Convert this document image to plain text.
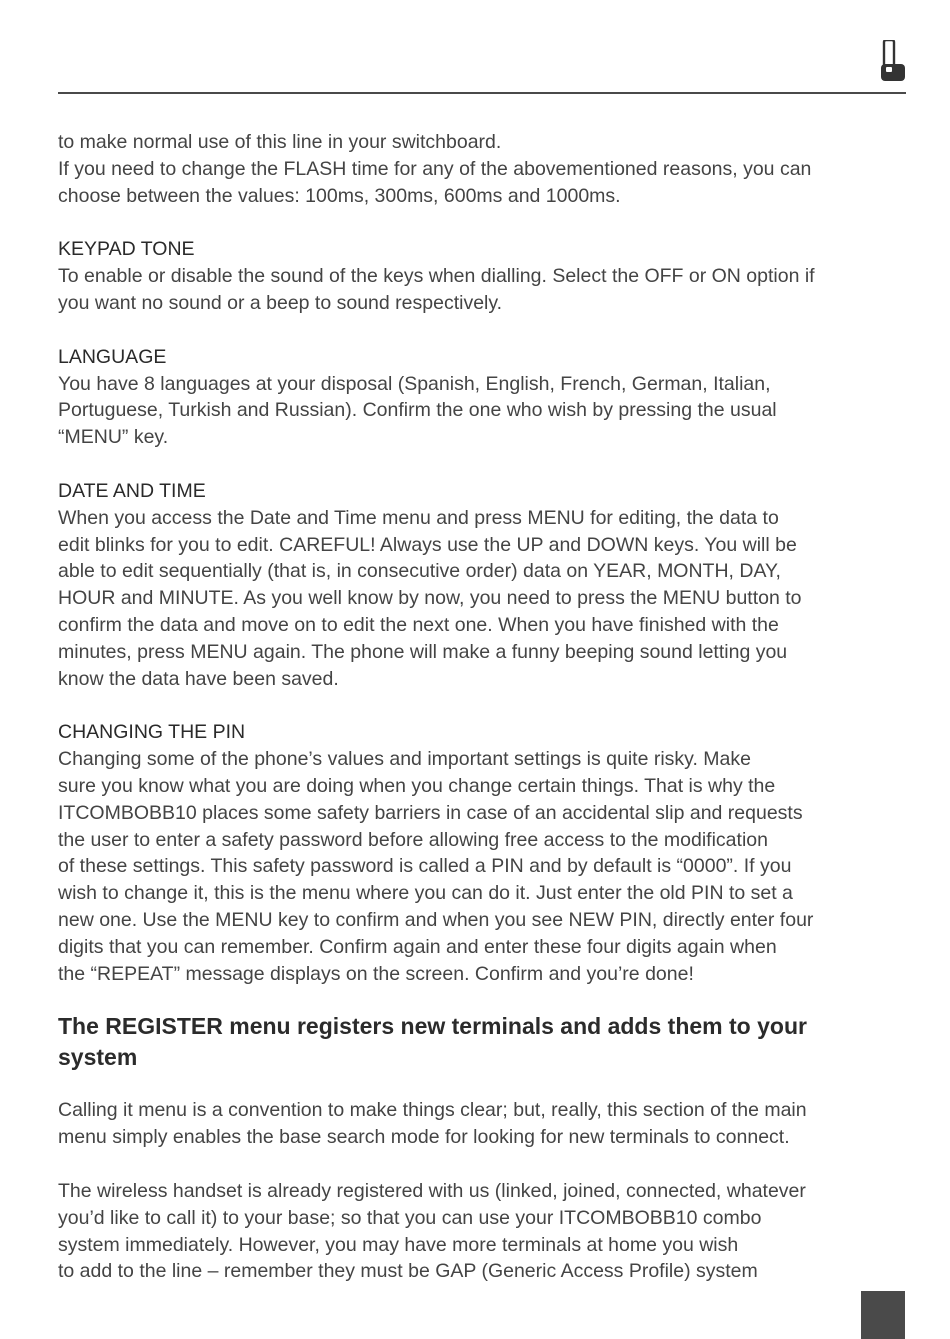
to make normal use of this line in your switchboard.
If you need to change the FLASH time for any of the abovementioned reasons, you can
choose between the values: 100ms, 300ms, 600ms and 1000ms.

KEYPAD TONE
To enable or disable the sound of the keys when dialling. Select the OFF or ON option if
you want no sound or a beep to sound respectively.

LANGUAGE
You have 8 languages at your disposal (Spanish, English, French, German, Italian,
Portuguese, Turkish and Russian). Confirm the one who wish by pressing the usual
“MENU” key.

DATE AND TIME
When you access the Date and Time menu and press MENU for editing, the data to
edit blinks for you to edit. CAREFUL! Always use the UP and DOWN keys. You will be
able to edit sequentially (that is, in consecutive order) data on YEAR, MONTH, DAY,
HOUR and MINUTE. As you well know by now, you need to press the MENU button to
confirm the data and move on to edit the next one. When you have finished with the
minutes, press MENU again. The phone will make a funny beeping sound letting you
know the data have been saved.

CHANGING THE PIN
Changing some of the phone’s values and important settings is quite risky. Make
sure you know what you are doing when you change certain things. That is why the
ITCOMBOBB10 places some safety barriers in case of an accidental slip and requests
the user to enter a safety password before allowing free access to the modification
of these settings. This safety password is called a PIN and by default is “0000”. If you
wish to change it, this is the menu where you can do it. Just enter the old PIN to set a
new one. Use the MENU key to confirm and when you see NEW PIN, directly enter four
digits that you can remember. Confirm again and enter these four digits again when
the “REPEAT” message displays on the screen. Confirm and you’re done!

The REGISTER menu registers new terminals and adds them to your
system

Calling it menu is a convention to make things clear; but, really, this section of the main
menu simply enables the base search mode for looking for new terminals to connect.

The wireless handset is already registered with us (linked, joined, connected, whatever
you’d like to call it) to your base; so that you can use your ITCOMBOBB10 combo
system immediately. However, you may have more terminals at home you wish
to add to the line – remember they must be GAP (Generic Access Profile) system
